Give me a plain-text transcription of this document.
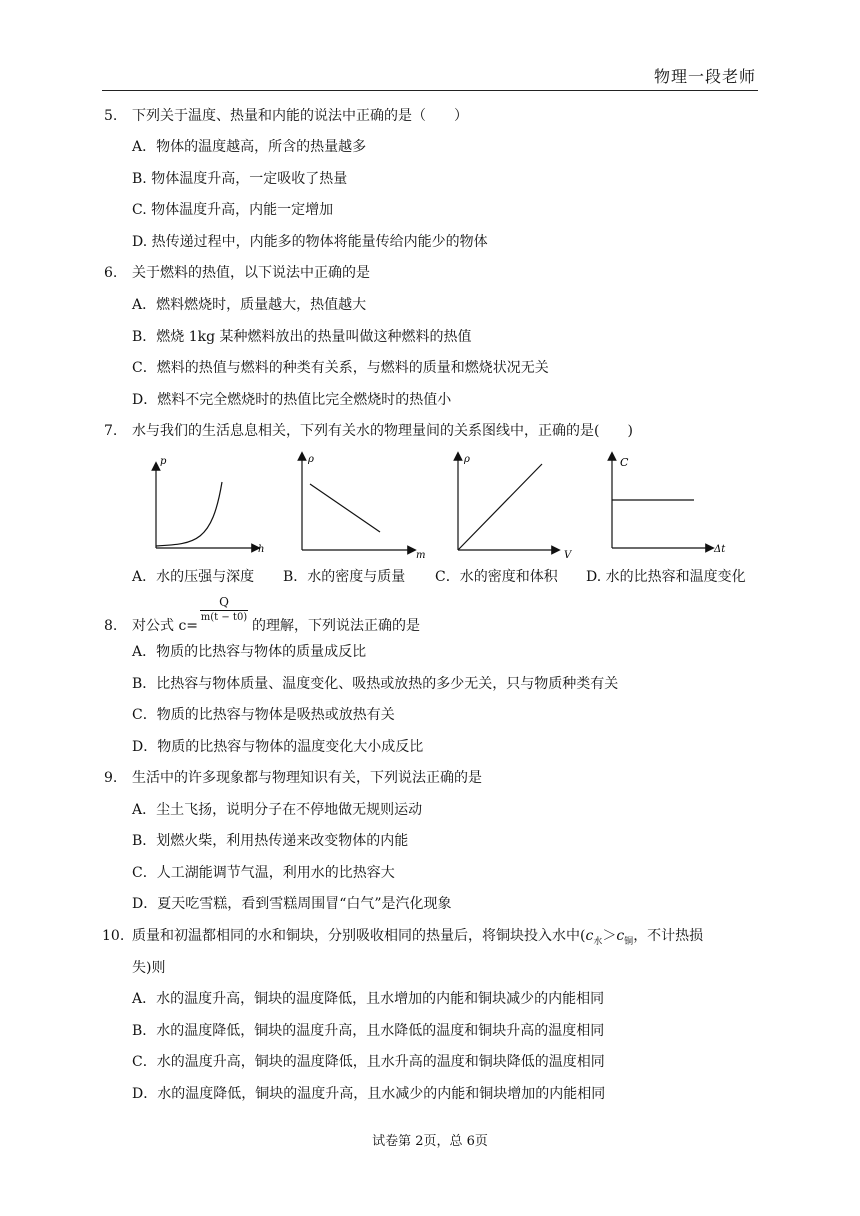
物理一段老师
5. 下列关于温度、热量和内能的说法中正确的是（　　）
A．物体的温度越高，所含的热量越多
B. 物体温度升高，一定吸收了热量
C. 物体温度升高，内能一定增加
D. 热传递过程中，内能多的物体将能量传给内能少的物体
6. 关于燃料的热值，以下说法中正确的是
A．燃料燃烧时，质量越大，热值越大
B．燃烧 1kg 某种燃料放出的热量叫做这种燃料的热值
C．燃料的热值与燃料的种类有关系，与燃料的质量和燃烧状况无关
D．燃料不完全燃烧时的热值比完全燃烧时的热值小
7. 水与我们的生活息息相关，下列有关水的物理量间的关系图线中，正确的是(　　)
p
h
ρ
m
ρ
V
C
Δt
A．水的压强与深度 B．水的密度与质量 C．水的密度和体积 D. 水的比热容和温度变化
8. 对公式 c=
Q
m(t − t0)
的理解，下列说法正确的是
A．物质的比热容与物体的质量成反比
B．比热容与物体质量、温度变化、吸热或放热的多少无关，只与物质种类有关
C．物质的比热容与物体是吸热或放热有关
D．物质的比热容与物体的温度变化大小成反比
9. 生活中的许多现象都与物理知识有关，下列说法正确的是
A．尘土飞扬，说明分子在不停地做无规则运动
B．划燃火柴，利用热传递来改变物体的内能
C．人工湖能调节气温，利用水的比热容大
D．夏天吃雪糕，看到雪糕周围冒“白气”是汽化现象
10. 质量和初温都相同的水和铜块，分别吸收相同的热量后，将铜块投入水中($c_水>c_铜$，不计热损
失)则
A．水的温度升高，铜块的温度降低，且水增加的内能和铜块减少的内能相同
B．水的温度降低，铜块的温度升高，且水降低的温度和铜块升高的温度相同
C．水的温度升高，铜块的温度降低，且水升高的温度和铜块降低的温度相同
D．水的温度降低，铜块的温度升高，且水减少的内能和铜块增加的内能相同
试卷第 2页，总 6页
